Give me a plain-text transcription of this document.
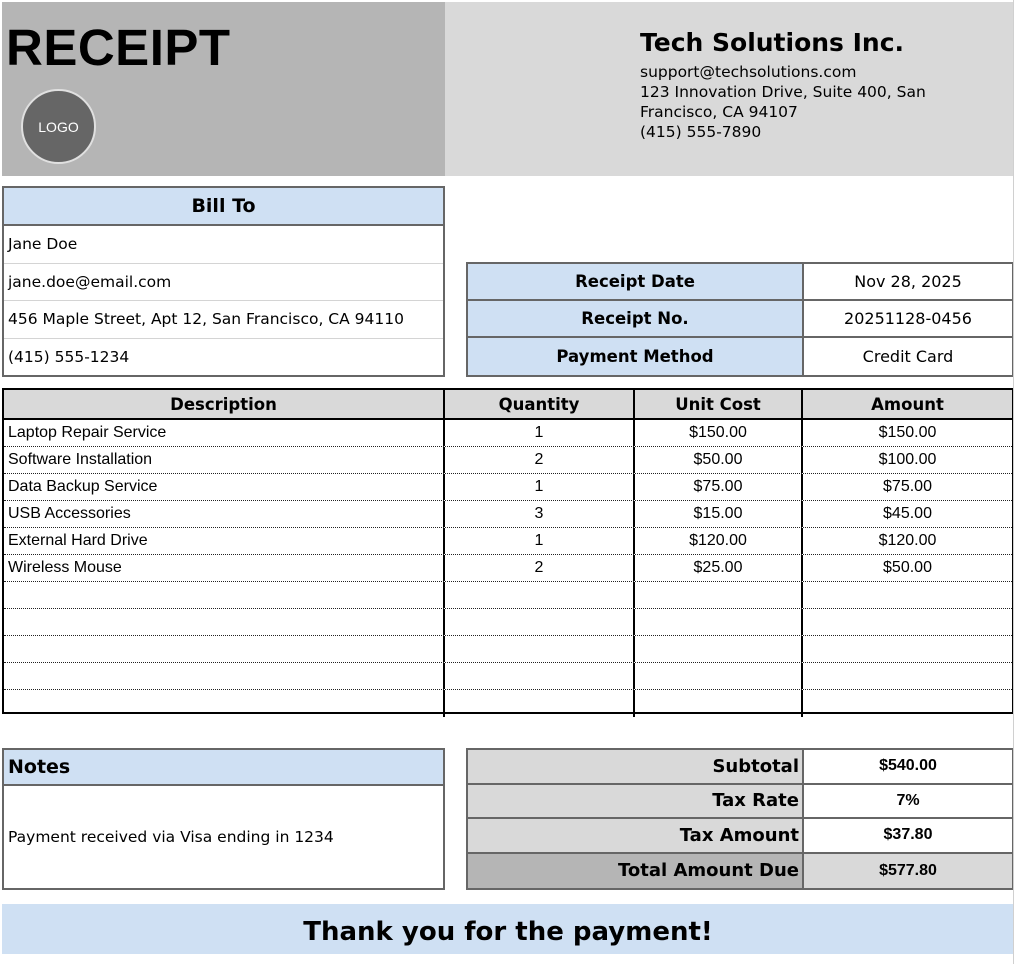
RECEIPT
LOGO
Tech Solutions Inc.
support@techsolutions.com
123 Innovation Drive, Suite 400, San
Francisco, CA 94107
(415) 555-7890
Bill To
Jane Doe
jane.doe@email.com
456 Maple Street, Apt 12, San Francisco, CA 94110
(415) 555-1234
Receipt Date	Nov 28, 2025
Receipt No.	20251128-0456
Payment Method	Credit Card
Description	Quantity	Unit Cost	Amount
Laptop Repair Service	1	$150.00	$150.00
Software Installation	2	$50.00	$100.00
Data Backup Service	1	$75.00	$75.00
USB Accessories	3	$15.00	$45.00
External Hard Drive	1	$120.00	$120.00
Wireless Mouse	2	$25.00	$50.00
Notes
Payment received via Visa ending in 1234
Subtotal	$540.00
Tax Rate	7%
Tax Amount	$37.80
Total Amount Due	$577.80
Thank you for the payment!
